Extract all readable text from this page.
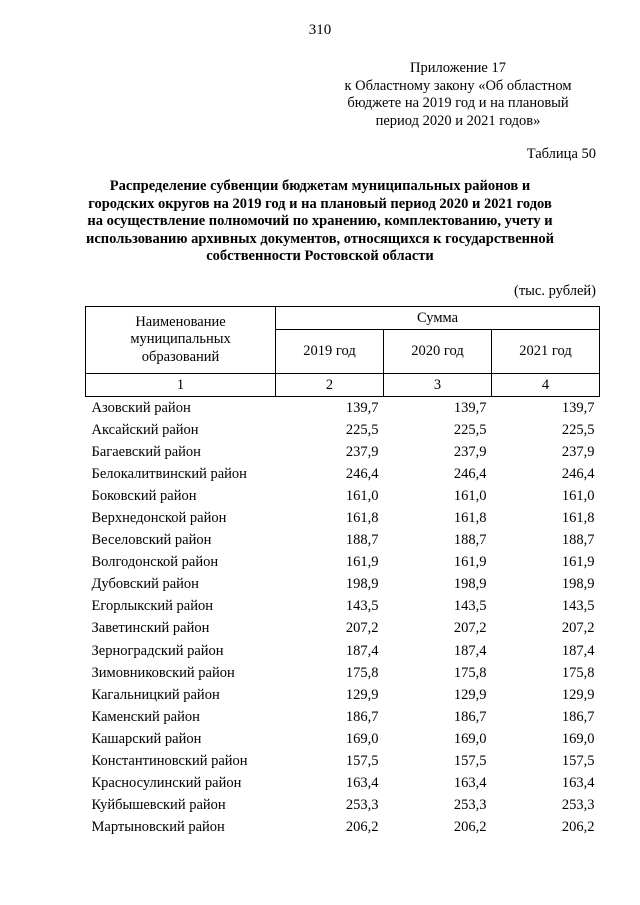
310
Приложение 17
к Областному закону «Об областном
бюджете на 2019 год и на плановый
период 2020 и 2021 годов»
Таблица 50
Распределение субвенции бюджетам муниципальных районов и
городских округов на 2019 год и на плановый период 2020 и 2021 годов
на осуществление полномочий по хранению, комплектованию, учету и
использованию архивных документов, относящихся к государственной
собственности Ростовской области
(тыс. рублей)
Наименование
муниципальных
образований	Сумма		
	2019 год	2020 год	2021 год
1	2	3	4
Азовский район	139,7	139,7	139,7
Аксайский район	225,5	225,5	225,5
Багаевский район	237,9	237,9	237,9
Белокалитвинский район	246,4	246,4	246,4
Боковский район	161,0	161,0	161,0
Верхнедонской район	161,8	161,8	161,8
Веселовский район	188,7	188,7	188,7
Волгодонской район	161,9	161,9	161,9
Дубовский район	198,9	198,9	198,9
Егорлыкский район	143,5	143,5	143,5
Заветинский район	207,2	207,2	207,2
Зерноградский район	187,4	187,4	187,4
Зимовниковский район	175,8	175,8	175,8
Кагальницкий район	129,9	129,9	129,9
Каменский район	186,7	186,7	186,7
Кашарский район	169,0	169,0	169,0
Константиновский район	157,5	157,5	157,5
Красносулинский район	163,4	163,4	163,4
Куйбышевский район	253,3	253,3	253,3
Мартыновский район	206,2	206,2	206,2
